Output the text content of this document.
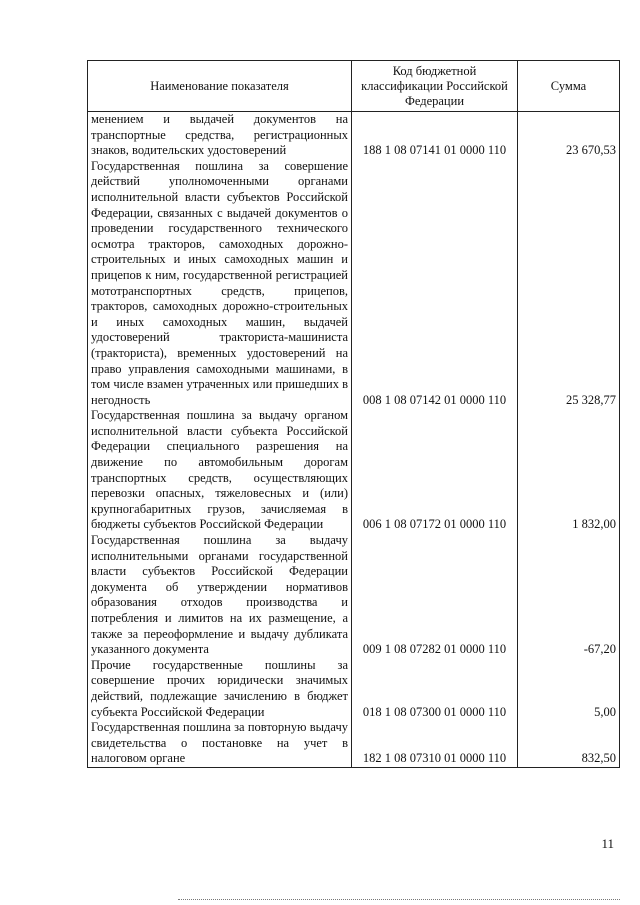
Наименование показателя	Код бюджетной классификации Российской Федерации	Сумма
менением и выдачей документов на транспортные средства, регистрационных знаков, водительских удостоверений	188 1 08 07141 01 0000 110	23 670,53
Государственная пошлина за совершение действий уполномоченными органами исполнительной власти субъектов Российской Федерации, связанных с выдачей документов о проведении государственного технического осмотра тракторов, самоходных дорожно-строительных и иных самоходных машин и прицепов к ним, государственной регистрацией мототранспортных средств, прицепов, тракторов, самоходных дорожно-строительных и иных самоходных машин, выдачей удостоверений тракториста-машиниста (тракториста), временных удостоверений на право управления самоходными машинами, в том числе взамен утраченных или пришедших в негодность	008 1 08 07142 01 0000 110	25 328,77
Государственная пошлина за выдачу органом исполнительной власти субъекта Российской Федерации специального разрешения на движение по автомобильным дорогам транспортных средств, осуществляющих перевозки опасных, тяжеловесных и (или) крупногабаритных грузов, зачисляемая в бюджеты субъектов Российской Федерации	006 1 08 07172 01 0000 110	1 832,00
Государственная пошлина за выдачу исполнительными органами государственной власти субъектов Российской Федерации документа об утверждении нормативов образования отходов производства и потребления и лимитов на их размещение, а также за переоформление и выдачу дубликата указанного документа	009 1 08 07282 01 0000 110	-67,20
Прочие государственные пошлины за совершение прочих юридически значимых действий, подлежащие зачислению в бюджет субъекта Российской Федерации	018 1 08 07300 01 0000 110	5,00
Государственная пошлина за повторную выдачу свидетельства о постановке на учет в налоговом органе	182 1 08 07310 01 0000 110	832,50
11
